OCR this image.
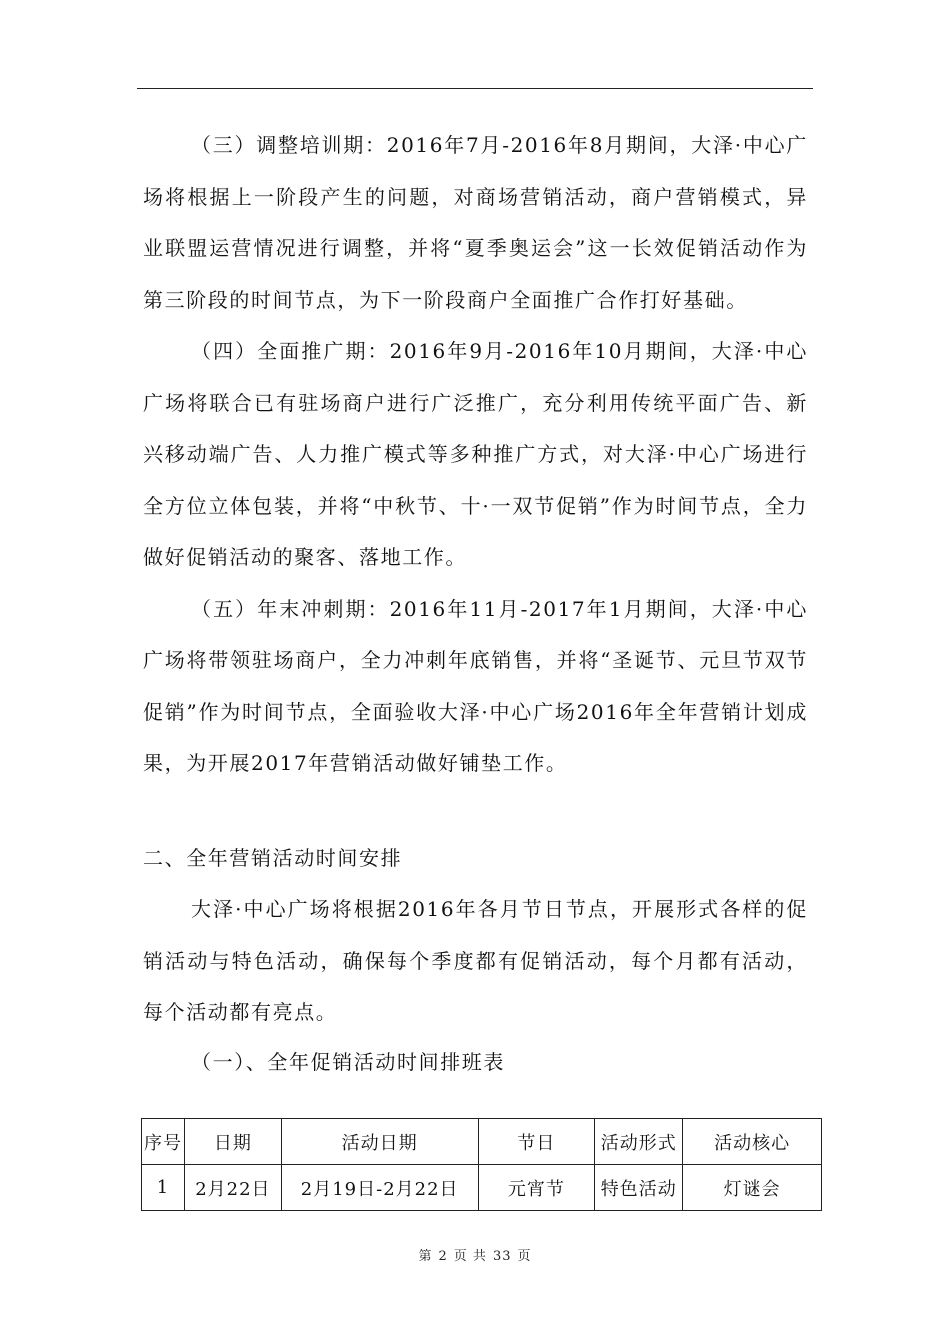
（三）调整培训期：2016年7月-2016年8月期间，大泽·中心广场将根据上一阶段产生的问题，对商场营销活动，商户营销模式，异业联盟运营情况进行调整，并将“夏季奥运会”这一长效促销活动作为第三阶段的时间节点，为下一阶段商户全面推广合作打好基础。

（四）全面推广期：2016年9月-2016年10月期间，大泽·中心广场将联合已有驻场商户进行广泛推广，充分利用传统平面广告、新兴移动端广告、人力推广模式等多种推广方式，对大泽·中心广场进行全方位立体包装，并将“中秋节、十·一双节促销”作为时间节点，全力做好促销活动的聚客、落地工作。

（五）年末冲刺期：2016年11月-2017年1月期间，大泽·中心广场将带领驻场商户，全力冲刺年底销售，并将“圣诞节、元旦节双节促销”作为时间节点，全面验收大泽·中心广场2016年全年营销计划成果，为开展2017年营销活动做好铺垫工作。

二、全年营销活动时间安排

大泽·中心广场将根据2016年各月节日节点，开展形式各样的促销活动与特色活动，确保每个季度都有促销活动，每个月都有活动，每个活动都有亮点。

（一）、全年促销活动时间排班表

序号	日期	活动日期	节日	活动形式	活动核心
1	2月22日	2月19日-2月22日	元宵节	特色活动	灯谜会
第 2 页 共 33 页
